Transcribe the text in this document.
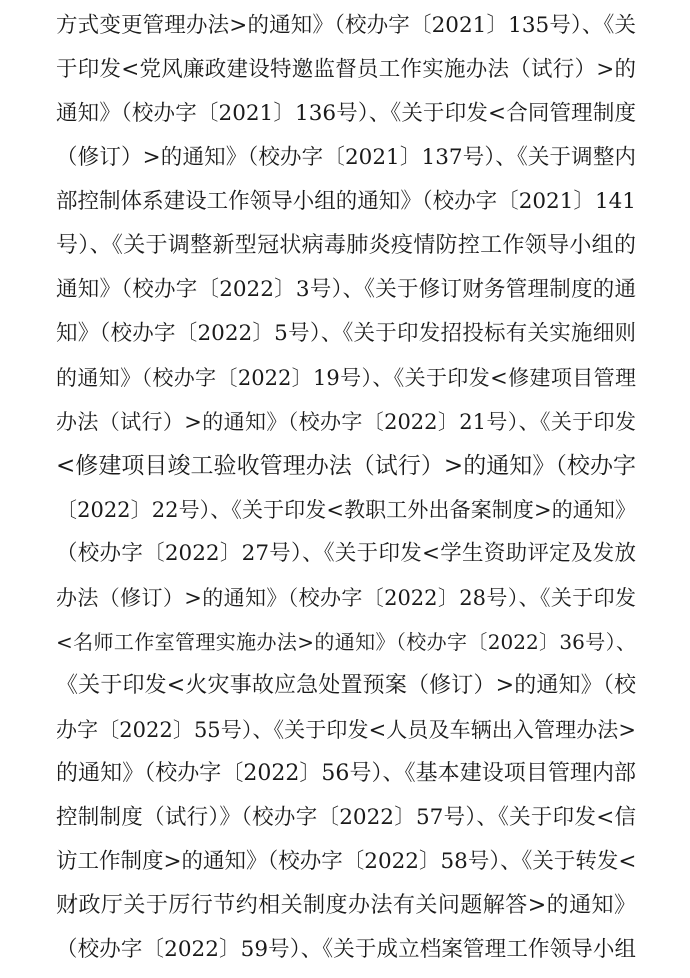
方式变更管理办法>的通知》（校办字〔2021〕135号）、《关
于印发<党风廉政建设特邀监督员工作实施办法（试行）>的
通知》（校办字〔2021〕136号）、《关于印发<合同管理制度
（修订）>的通知》（校办字〔2021〕137号）、《关于调整内
部控制体系建设工作领导小组的通知》（校办字〔2021〕141
号）、《关于调整新型冠状病毒肺炎疫情防控工作领导小组的
通知》（校办字〔2022〕3号）、《关于修订财务管理制度的通
知》（校办字〔2022〕5号）、《关于印发招投标有关实施细则
的通知》（校办字〔2022〕19号）、《关于印发<修建项目管理
办法（试行）>的通知》（校办字〔2022〕21号）、《关于印发
<修建项目竣工验收管理办法（试行）>的通知》（校办字
〔2022〕22号）、《关于印发<教职工外出备案制度>的通知》
（校办字〔2022〕27号）、《关于印发<学生资助评定及发放
办法（修订）>的通知》（校办字〔2022〕28号）、《关于印发
<名师工作室管理实施办法>的通知》（校办字〔2022〕36号）、
《关于印发<火灾事故应急处置预案（修订）>的通知》（校
办字〔2022〕55号）、《关于印发<人员及车辆出入管理办法>
的通知》（校办字〔2022〕56号）、《基本建设项目管理内部
控制制度（试行）》（校办字〔2022〕57号）、《关于印发<信
访工作制度>的通知》（校办字〔2022〕58号）、《关于转发<
财政厅关于厉行节约相关制度办法有关问题解答>的通知》
（校办字〔2022〕59号）、《关于成立档案管理工作领导小组
